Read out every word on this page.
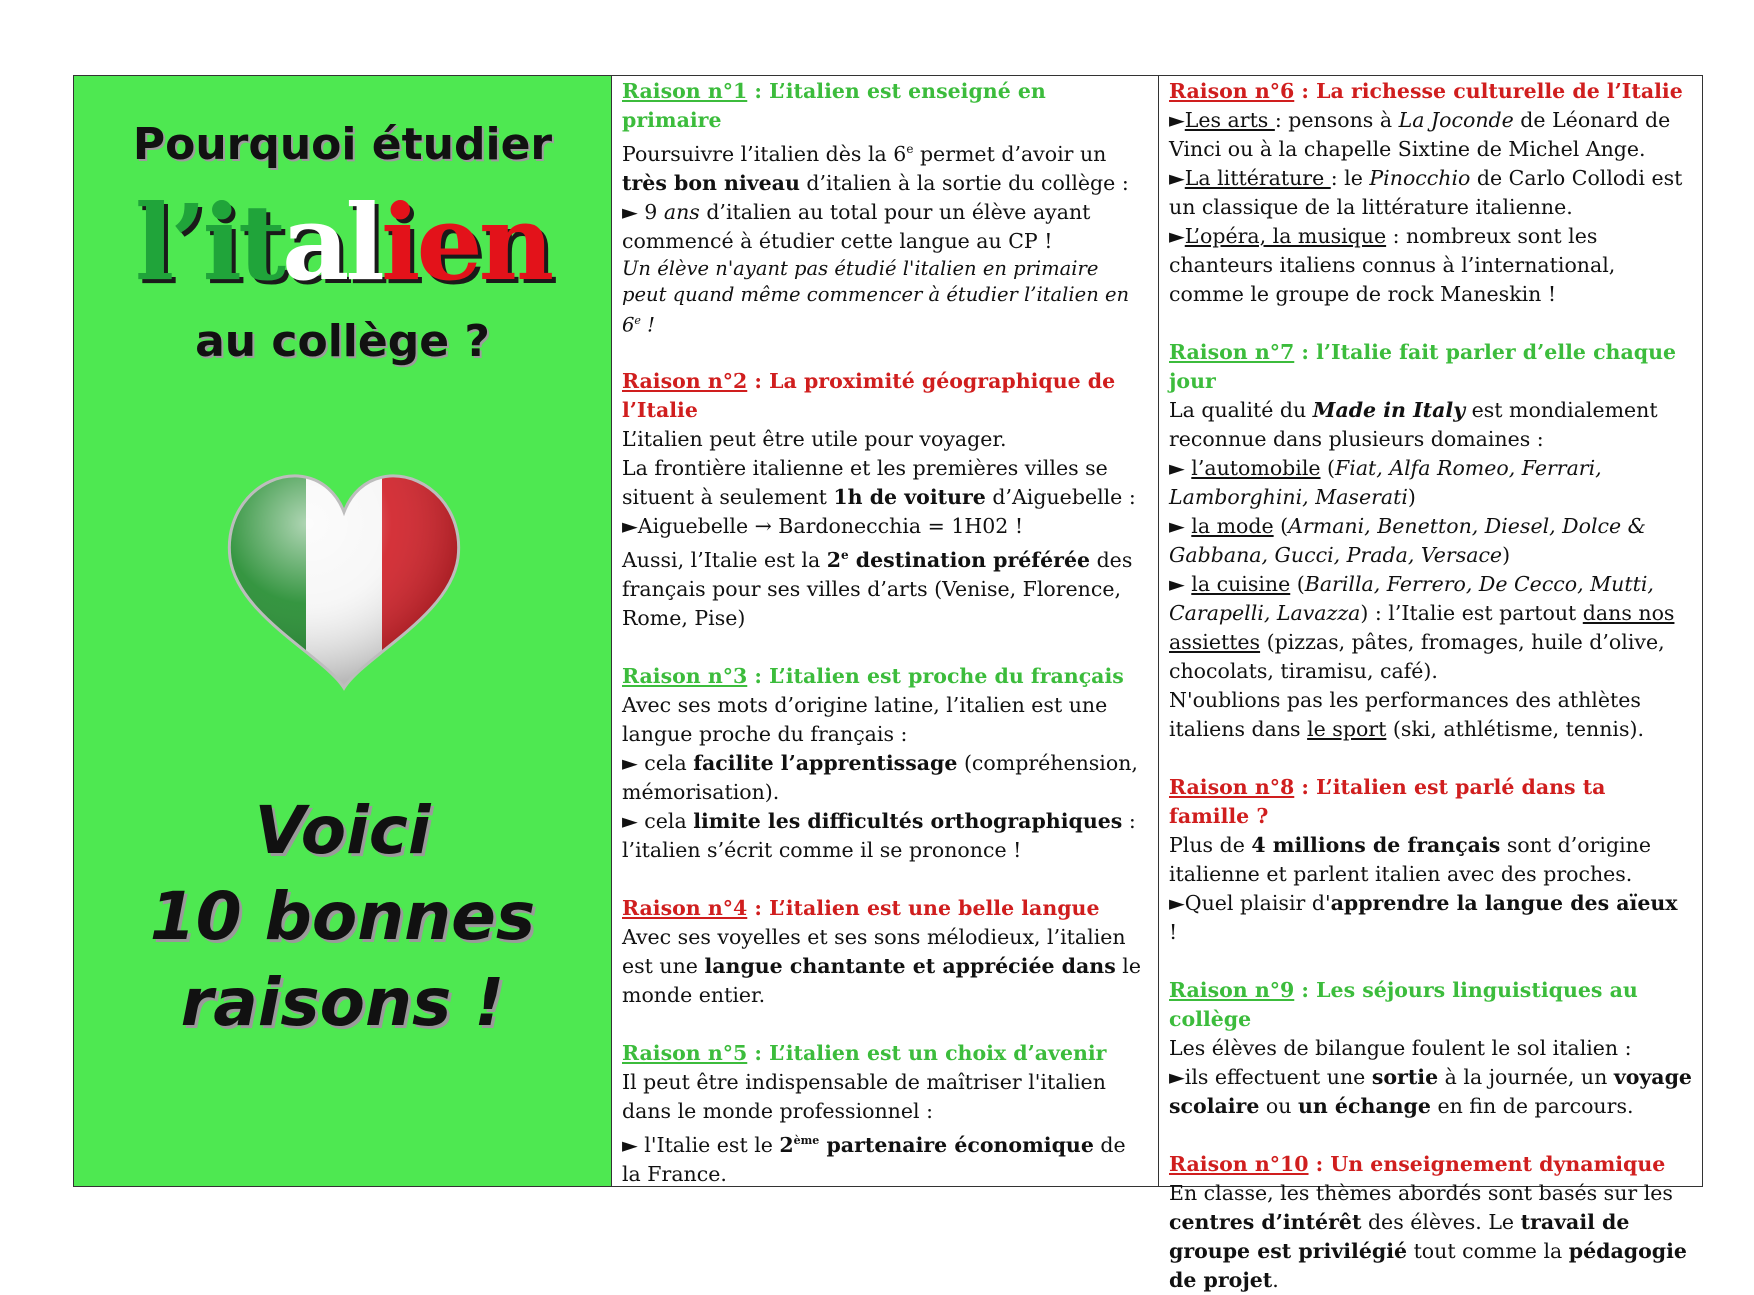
Pourquoi étudier
l’italien
au collège ?
Voici
10 bonnes
raisons !
Raison n°1 : L’italien est enseigné en primaire
Poursuivre l’italien dès la 6e permet d’avoir un très bon niveau d’italien à la sortie du collège :
► 9 ans d’italien au total pour un élève ayant commencé à étudier cette langue au CP !
Un élève n'ayant pas étudié l'italien en primaire peut quand même commencer à étudier l’italien en 6e !
Raison n°2 : La proximité géographique de l’Italie
L’italien peut être utile pour voyager.
La frontière italienne et les premières villes se situent à seulement 1h de voiture d’Aiguebelle :
►Aiguebelle → Bardonecchia = 1H02 !
Aussi, l’Italie est la 2e destination préférée des français pour ses villes d’arts (Venise, Florence, Rome, Pise)
Raison n°3 : L’italien est proche du français
Avec ses mots d’origine latine, l’italien est une langue proche du français :
► cela facilite l’apprentissage (compréhension, mémorisation).
► cela limite les difficultés orthographiques : l’italien s’écrit comme il se prononce !
Raison n°4 : L’italien est une belle langue
Avec ses voyelles et ses sons mélodieux, l’italien est une langue chantante et appréciée dans le monde entier.
Raison n°5 : L’italien est un choix d’avenir
Il peut être indispensable de maîtriser l'italien dans le monde professionnel :
► l'Italie est le 2ème partenaire économique de la France.
Raison n°6 : La richesse culturelle de l’Italie
►Les arts : pensons à La Joconde de Léonard de Vinci ou à la chapelle Sixtine de Michel Ange.
►La littérature : le Pinocchio de Carlo Collodi est un classique de la littérature italienne.
►L’opéra, la musique : nombreux sont les chanteurs italiens connus à l’international, comme le groupe de rock Maneskin !
Raison n°7 : l’Italie fait parler d’elle chaque jour
La qualité du Made in Italy est mondialement reconnue dans plusieurs domaines :
► l’automobile (Fiat, Alfa Romeo, Ferrari, Lamborghini, Maserati)
► la mode (Armani, Benetton, Diesel, Dolce & Gabbana, Gucci, Prada, Versace)
► la cuisine (Barilla, Ferrero, De Cecco, Mutti, Carapelli, Lavazza) : l’Italie est partout dans nos assiettes (pizzas, pâtes, fromages, huile d’olive, chocolats, tiramisu, café).
N'oublions pas les performances des athlètes italiens dans le sport (ski, athlétisme, tennis).
Raison n°8 : L’italien est parlé dans ta famille ?
Plus de 4 millions de français sont d’origine italienne et parlent italien avec des proches.
►Quel plaisir d'apprendre la langue des aïeux !
Raison n°9 : Les séjours linguistiques au collège
Les élèves de bilangue foulent le sol italien :
►ils effectuent une sortie à la journée, un voyage scolaire ou un échange en fin de parcours.
Raison n°10 : Un enseignement dynamique
En classe, les thèmes abordés sont basés sur les centres d’intérêt des élèves. Le travail de groupe est privilégié tout comme la pédagogie de projet.
